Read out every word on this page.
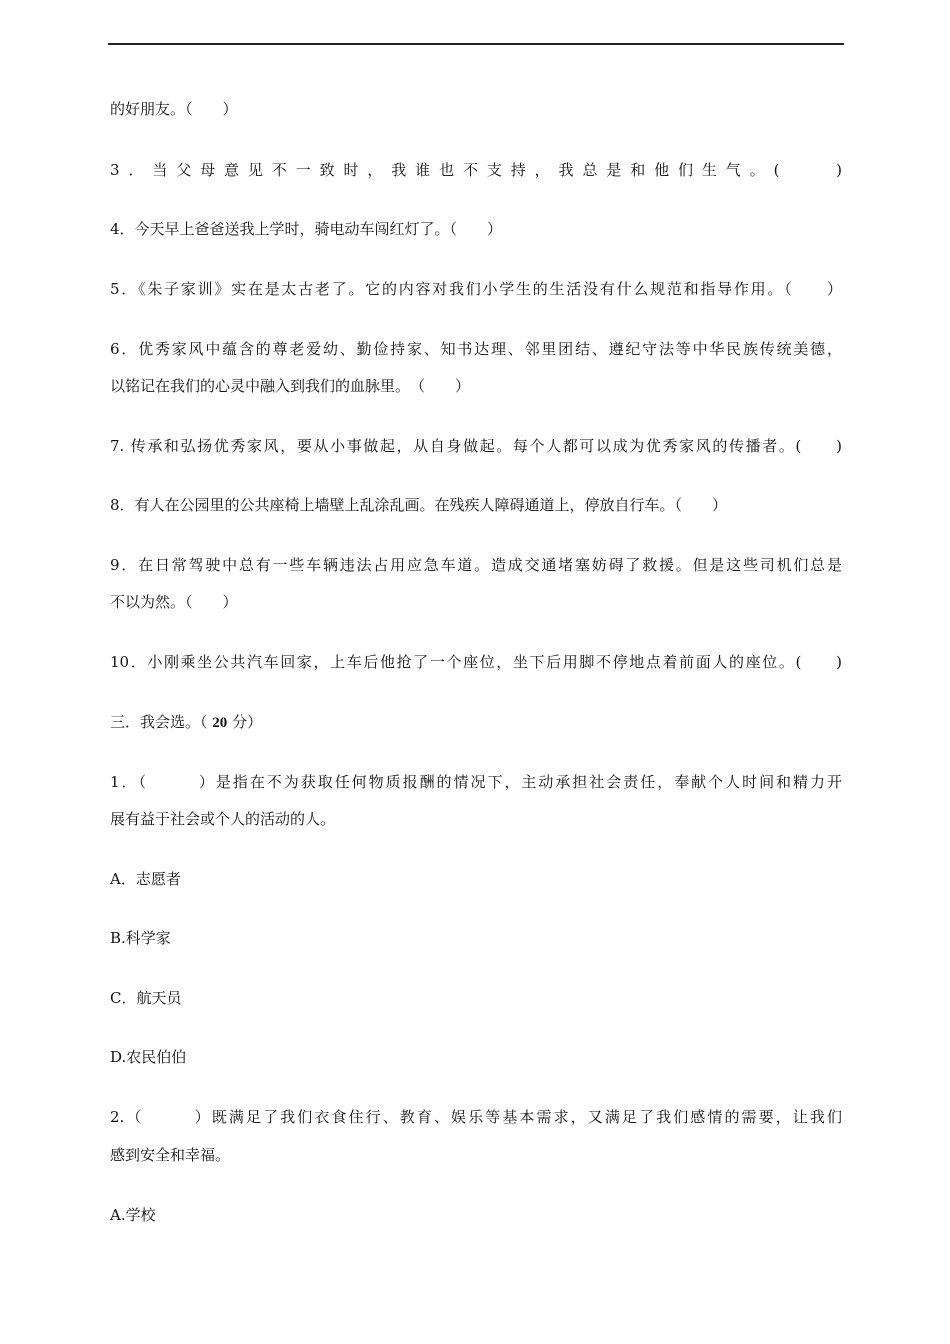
的好朋友。（　　）
3．当父母意见不一致时，我谁也不支持，我总是和他们生气。(　　)
4．今天早上爸爸送我上学时，骑电动车闯红灯了。（　　）
5．《朱子家训》实在是太古老了。它的内容对我们小学生的生活没有什么规范和指导作用。（　　）
6．优秀家风中蕴含的尊老爱幼、勤俭持家、知书达理、邻里团结、遵纪守法等中华民族传统美德，
以铭记在我们的心灵中融入到我们的血脉里。　（　　）
7. 传承和弘扬优秀家风，要从小事做起，从自身做起。每个人都可以成为优秀家风的传播者。(　　)
8．有人在公园里的公共座椅上墙壁上乱涂乱画。在残疾人障碍通道上，停放自行车。（　　）
9．在日常驾驶中总有一些车辆违法占用应急车道。造成交通堵塞妨碍了救援。但是这些司机们总是
不以为然。（　　）
10．小刚乘坐公共汽车回家，上车后他抢了一个座位，坐下后用脚不停地点着前面人的座位。(　　)
三．我会选。（ 20 分）
1．（　　　）是指在不为获取任何物质报酬的情况下，主动承担社会责任，奉献个人时间和精力开
展有益于社会或个人的活动的人。
A．志愿者
B.科学家
C．航天员
D.农民伯伯
2.（　　　）既满足了我们衣食住行、教育、娱乐等基本需求，又满足了我们感情的需要，让我们
感到安全和幸福。
A.学校
